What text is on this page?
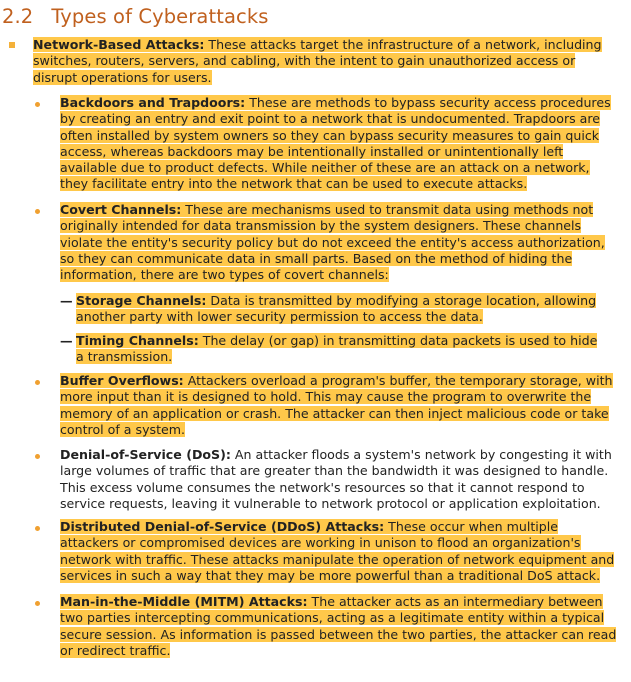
2.2 Types of Cyberattacks
Network-Based Attacks: These attacks target the infrastructure of a network, including switches, routers, servers, and cabling, with the intent to gain unauthorized access or disrupt operations for users.
Backdoors and Trapdoors: These are methods to bypass security access procedures by creating an entry and exit point to a network that is undocumented. Trapdoors are often installed by system owners so they can bypass security measures to gain quick access, whereas backdoors may be intentionally installed or unintentionally left available due to product defects. While neither of these are an attack on a network, they facilitate entry into the network that can be used to execute attacks.
Covert Channels: These are mechanisms used to transmit data using methods not originally intended for data transmission by the system designers. These channels violate the entity's security policy but do not exceed the entity's access authorization, so they can communicate data in small parts. Based on the method of hiding the information, there are two types of covert channels:
— Storage Channels: Data is transmitted by modifying a storage location, allowing another party with lower security permission to access the data.
— Timing Channels: The delay (or gap) in transmitting data packets is used to hide a transmission.
Buffer Overflows: Attackers overload a program's buffer, the temporary storage, with more input than it is designed to hold. This may cause the program to overwrite the memory of an application or crash. The attacker can then inject malicious code or take control of a system.
Denial-of-Service (DoS): An attacker floods a system's network by congesting it with large volumes of traffic that are greater than the bandwidth it was designed to handle. This excess volume consumes the network's resources so that it cannot respond to service requests, leaving it vulnerable to network protocol or application exploitation.
Distributed Denial-of-Service (DDoS) Attacks: These occur when multiple attackers or compromised devices are working in unison to flood an organization's network with traffic. These attacks manipulate the operation of network equipment and services in such a way that they may be more powerful than a traditional DoS attack.
Man-in-the-Middle (MITM) Attacks: The attacker acts as an intermediary between two parties intercepting communications, acting as a legitimate entity within a typical secure session. As information is passed between the two parties, the attacker can read or redirect traffic.
